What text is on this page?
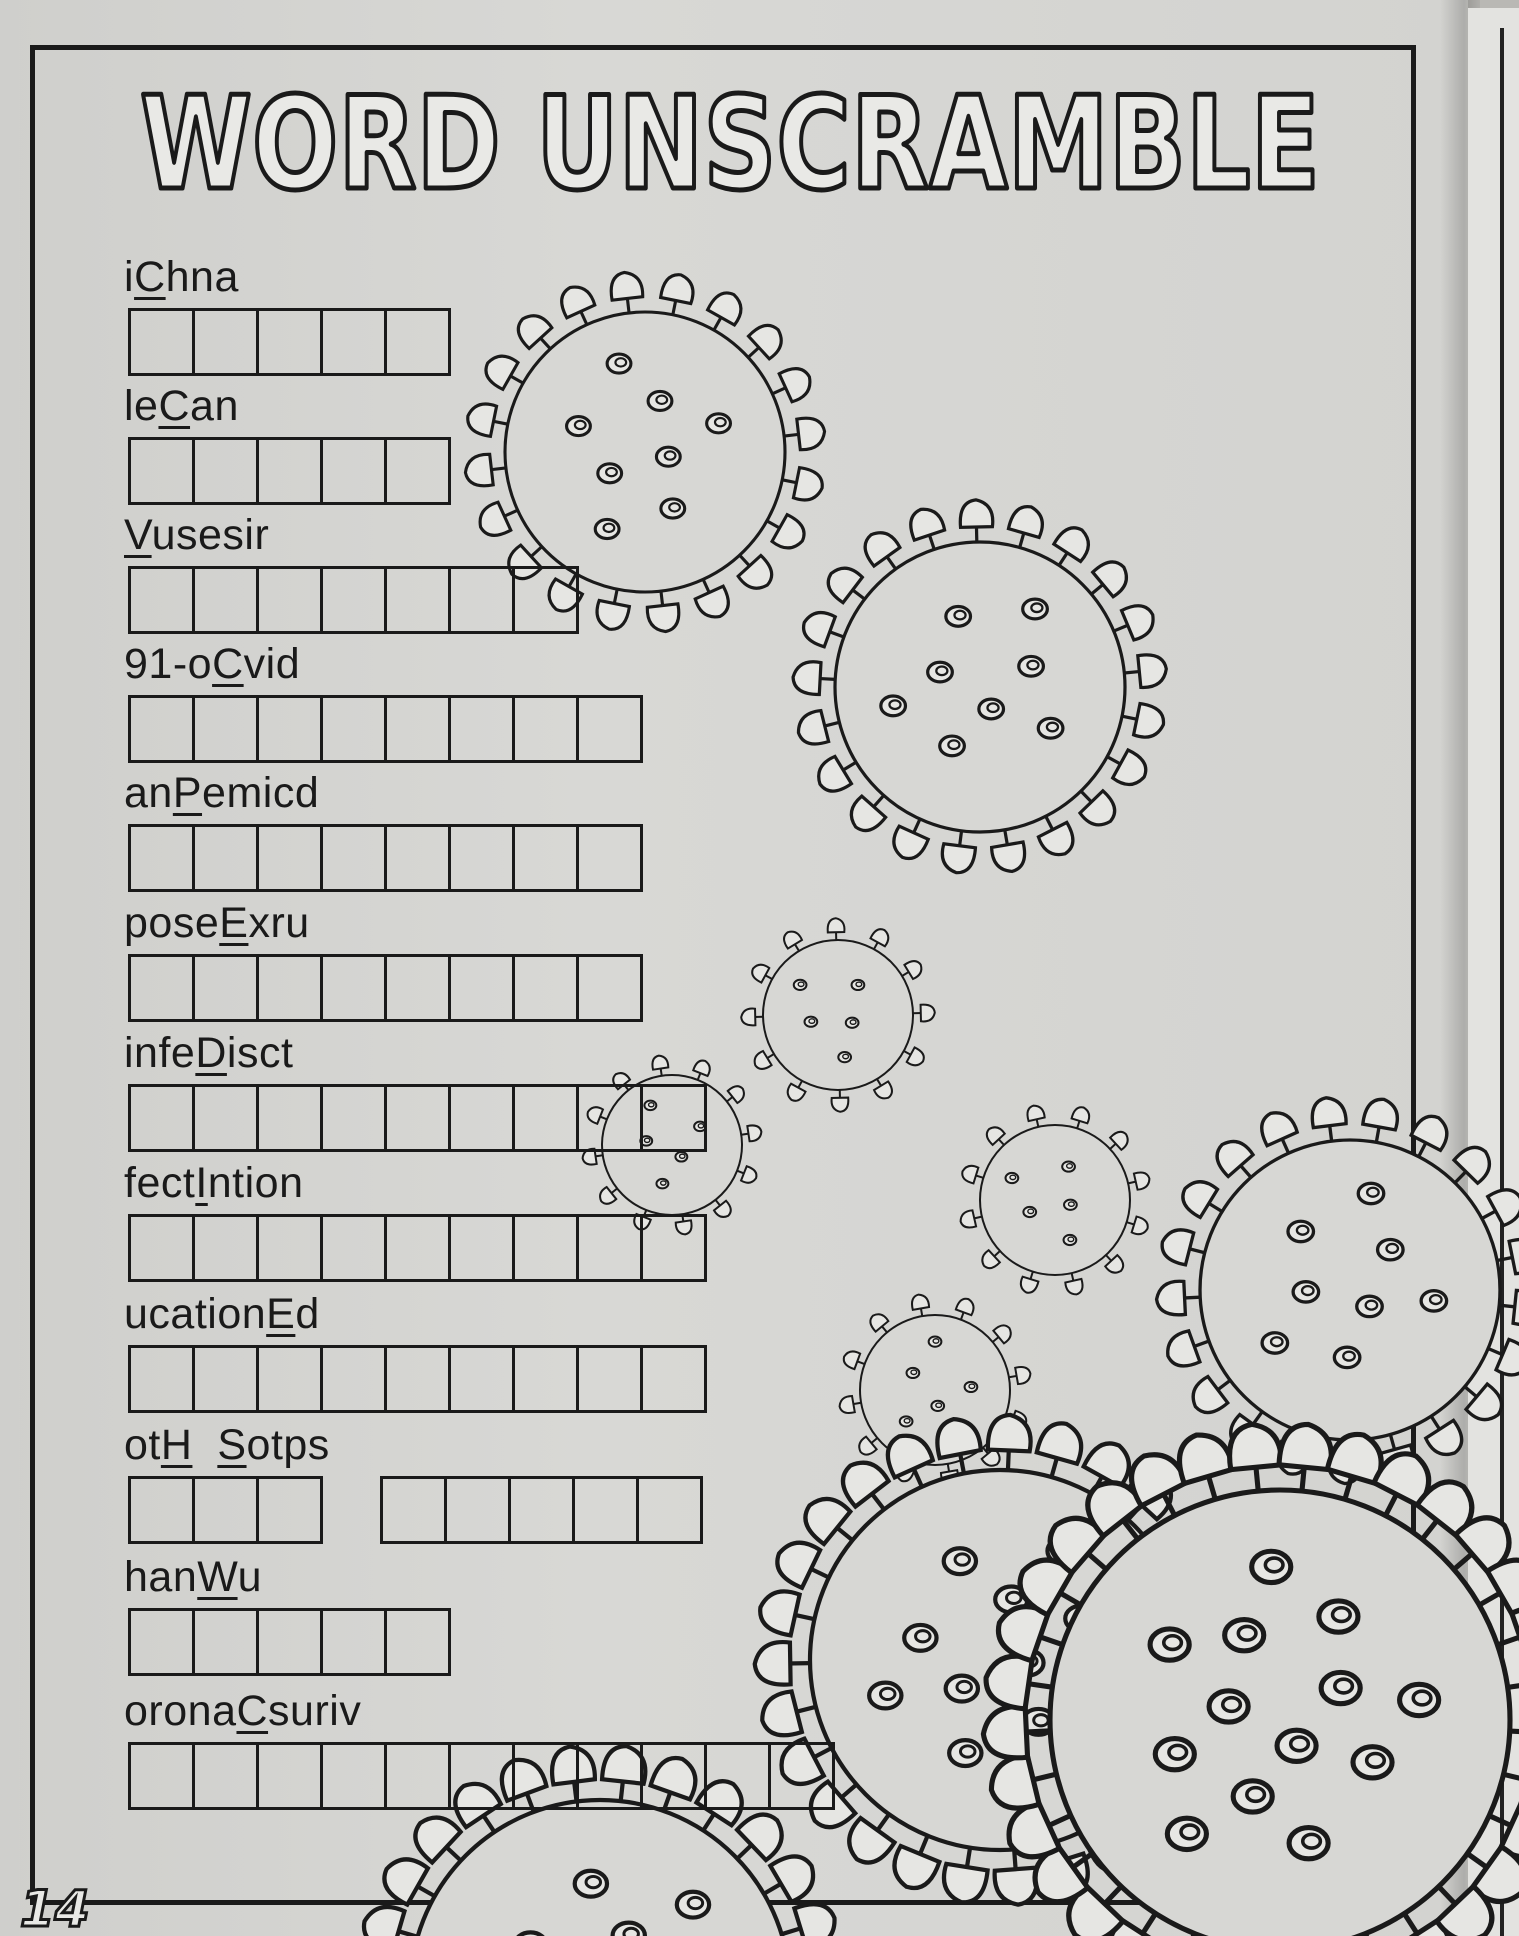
WORD UNSCRAMBLE
iChna
leCan
Vusesir
91-oCvid
anPemicd
poseExru
infeDisct
fectIntion
ucationEd
otH Sotps
hanWu
oronaCsuriv
14
